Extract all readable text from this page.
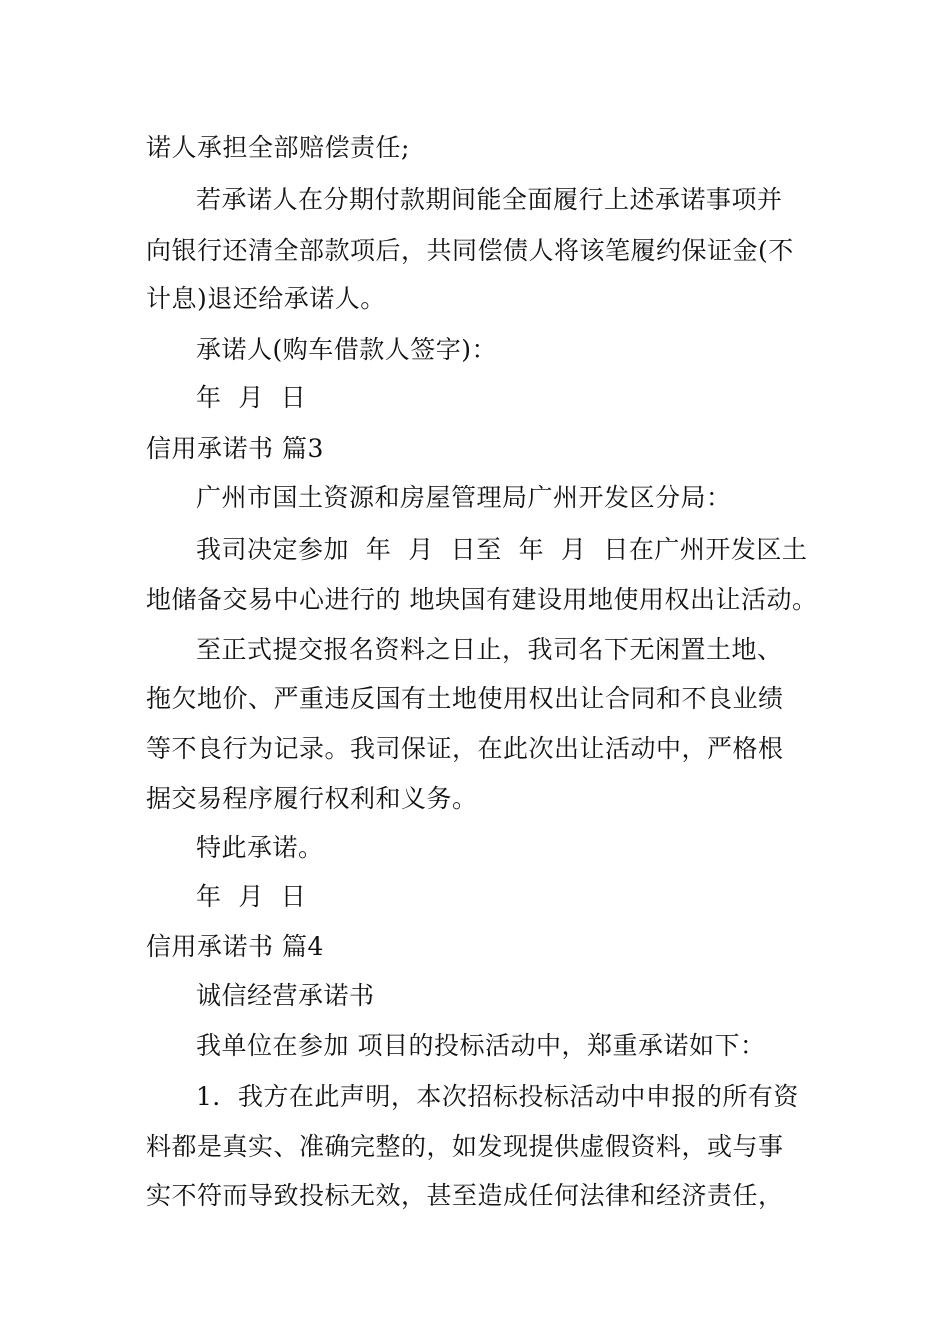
诺人承担全部赔偿责任;
若承诺人在分期付款期间能全面履行上述承诺事项并
向银行还清全部款项后，共同偿债人将该笔履约保证金(不
计息)退还给承诺人。
承诺人(购车借款人签字)：
年  月  日
信用承诺书 篇3
广州市国土资源和房屋管理局广州开发区分局：
我司决定参加  年  月  日至  年  月  日在广州开发区土
地储备交易中心进行的 地块国有建设用地使用权出让活动。
至正式提交报名资料之日止，我司名下无闲置土地、
拖欠地价、严重违反国有土地使用权出让合同和不良业绩
等不良行为记录。我司保证，在此次出让活动中，严格根
据交易程序履行权利和义务。
特此承诺。
年  月  日
信用承诺书 篇4
诚信经营承诺书
我单位在参加 项目的投标活动中，郑重承诺如下：
1．我方在此声明，本次招标投标活动中申报的所有资
料都是真实、准确完整的，如发现提供虚假资料，或与事
实不符而导致投标无效，甚至造成任何法律和经济责任，
